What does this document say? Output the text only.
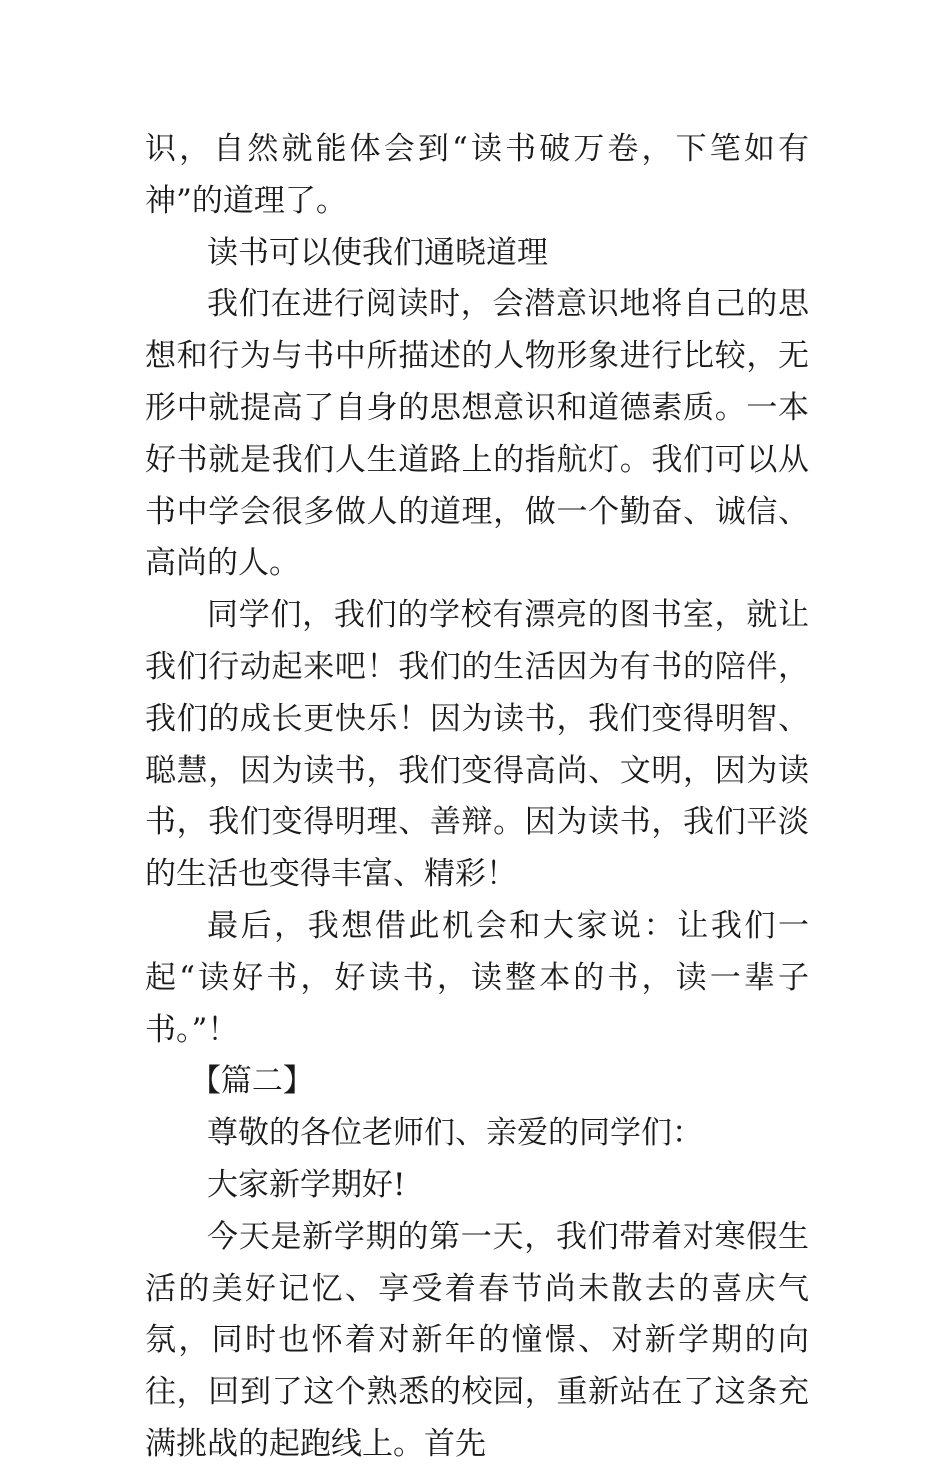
识，自然就能体会到“读书破万卷，下笔如有神”的道理了。

读书可以使我们通晓道理

我们在进行阅读时，会潜意识地将自己的思想和行为与书中所描述的人物形象进行比较，无形中就提高了自身的思想意识和道德素质。一本好书就是我们人生道路上的指航灯。我们可以从书中学会很多做人的道理，做一个勤奋、诚信、高尚的人。

同学们，我们的学校有漂亮的图书室，就让我们行动起来吧！我们的生活因为有书的陪伴，我们的成长更快乐！因为读书，我们变得明智、聪慧，因为读书，我们变得高尚、文明，因为读书，我们变得明理、善辩。因为读书，我们平淡的生活也变得丰富、精彩！

最后，我想借此机会和大家说：让我们一起“读好书，好读书，读整本的书，读一辈子书。”！

【篇二】

尊敬的各位老师们、亲爱的同学们：

大家新学期好!

今天是新学期的第一天，我们带着对寒假生活的美好记忆、享受着春节尚未散去的喜庆气氛，同时也怀着对新年的憧憬、对新学期的向往，回到了这个熟悉的校园，重新站在了这条充满挑战的起跑线上。首先
